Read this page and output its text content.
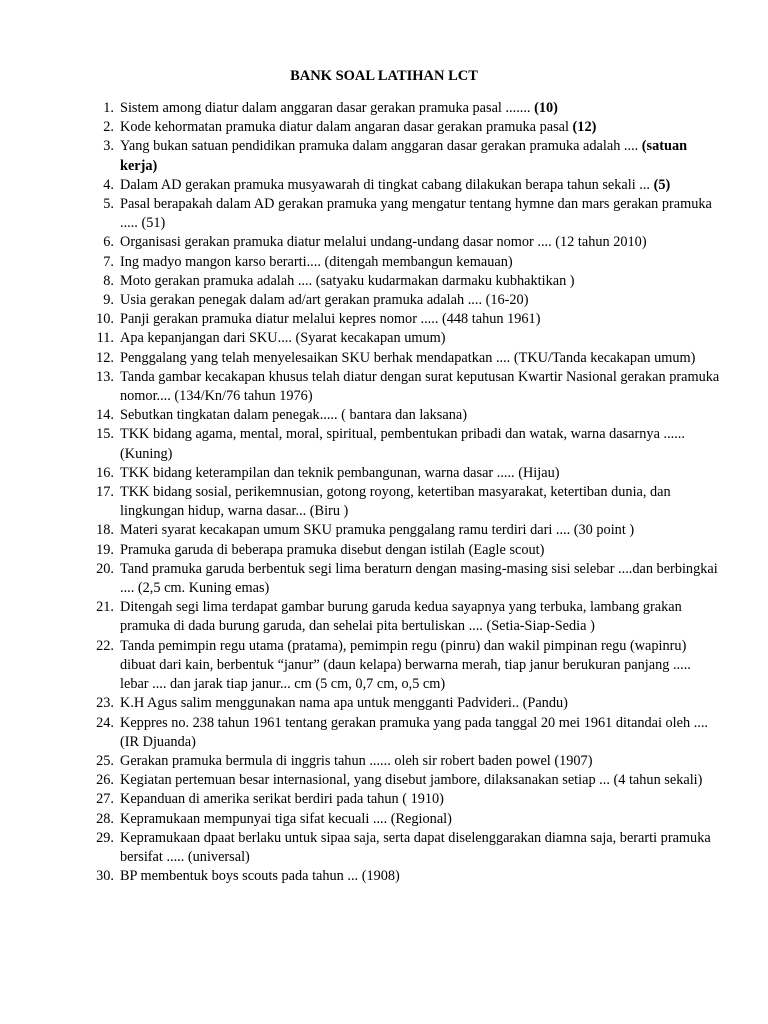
BANK SOAL LATIHAN LCT
1. Sistem among diatur dalam anggaran dasar gerakan pramuka pasal ....... (10)
2. Kode kehormatan pramuka diatur dalam angaran dasar gerakan pramuka pasal (12)
3. Yang bukan satuan pendidikan pramuka dalam anggaran dasar gerakan pramuka adalah .... (satuan kerja)
4. Dalam AD gerakan pramuka musyawarah di tingkat cabang dilakukan berapa tahun sekali ... (5)
5. Pasal berapakah dalam AD gerakan pramuka yang mengatur tentang hymne dan mars gerakan pramuka ..... (51)
6. Organisasi gerakan pramuka diatur melalui undang-undang dasar nomor .... (12 tahun 2010)
7. Ing madyo mangon karso berarti.... (ditengah membangun kemauan)
8. Moto gerakan pramuka adalah .... (satyaku kudarmakan darmaku kubhaktikan )
9. Usia gerakan penegak dalam ad/art gerakan pramuka adalah .... (16-20)
10. Panji gerakan pramuka diatur melalui kepres nomor ..... (448 tahun 1961)
11. Apa kepanjangan dari SKU.... (Syarat kecakapan umum)
12. Penggalang yang telah menyelesaikan SKU berhak mendapatkan .... (TKU/Tanda kecakapan umum)
13. Tanda gambar kecakapan khusus telah diatur dengan surat keputusan Kwartir Nasional gerakan pramuka nomor.... (134/Kn/76 tahun 1976)
14. Sebutkan tingkatan dalam penegak..... ( bantara dan laksana)
15. TKK bidang agama, mental, moral, spiritual, pembentukan pribadi dan watak, warna dasarnya ...... (Kuning)
16. TKK bidang keterampilan dan teknik pembangunan, warna dasar ..... (Hijau)
17. TKK bidang sosial, perikemnusian, gotong royong, ketertiban masyarakat, ketertiban dunia, dan lingkungan hidup, warna dasar... (Biru )
18. Materi syarat kecakapan umum SKU pramuka penggalang ramu terdiri dari .... (30 point )
19. Pramuka garuda di beberapa pramuka disebut dengan istilah (Eagle scout)
20. Tand pramuka garuda berbentuk segi lima beraturn dengan masing-masing sisi selebar ....dan berbingkai .... (2,5 cm. Kuning emas)
21. Ditengah segi lima terdapat gambar burung garuda kedua sayapnya yang terbuka, lambang grakan pramuka di dada burung garuda, dan sehelai pita bertuliskan .... (Setia-Siap-Sedia )
22. Tanda pemimpin regu utama (pratama), pemimpin regu (pinru) dan wakil pimpinan regu (wapinru) dibuat dari kain, berbentuk “janur” (daun kelapa) berwarna merah, tiap janur berukuran panjang ..... lebar .... dan jarak tiap janur... cm (5 cm, 0,7 cm, o,5 cm)
23. K.H Agus salim menggunakan nama apa untuk mengganti Padvideri.. (Pandu)
24. Keppres no. 238 tahun 1961 tentang gerakan pramuka yang pada tanggal 20 mei 1961 ditandai oleh .... (IR Djuanda)
25. Gerakan pramuka bermula di inggris tahun ...... oleh sir robert baden powel (1907)
26. Kegiatan pertemuan besar internasional, yang disebut jambore, dilaksanakan setiap ... (4 tahun sekali)
27. Kepanduan di amerika serikat berdiri pada tahun ( 1910)
28. Kepramukaan mempunyai tiga sifat kecuali .... (Regional)
29. Kepramukaan dpaat berlaku untuk sipaa saja, serta dapat diselenggarakan diamna saja, berarti pramuka bersifat ..... (universal)
30. BP membentuk boys scouts pada tahun ... (1908)
